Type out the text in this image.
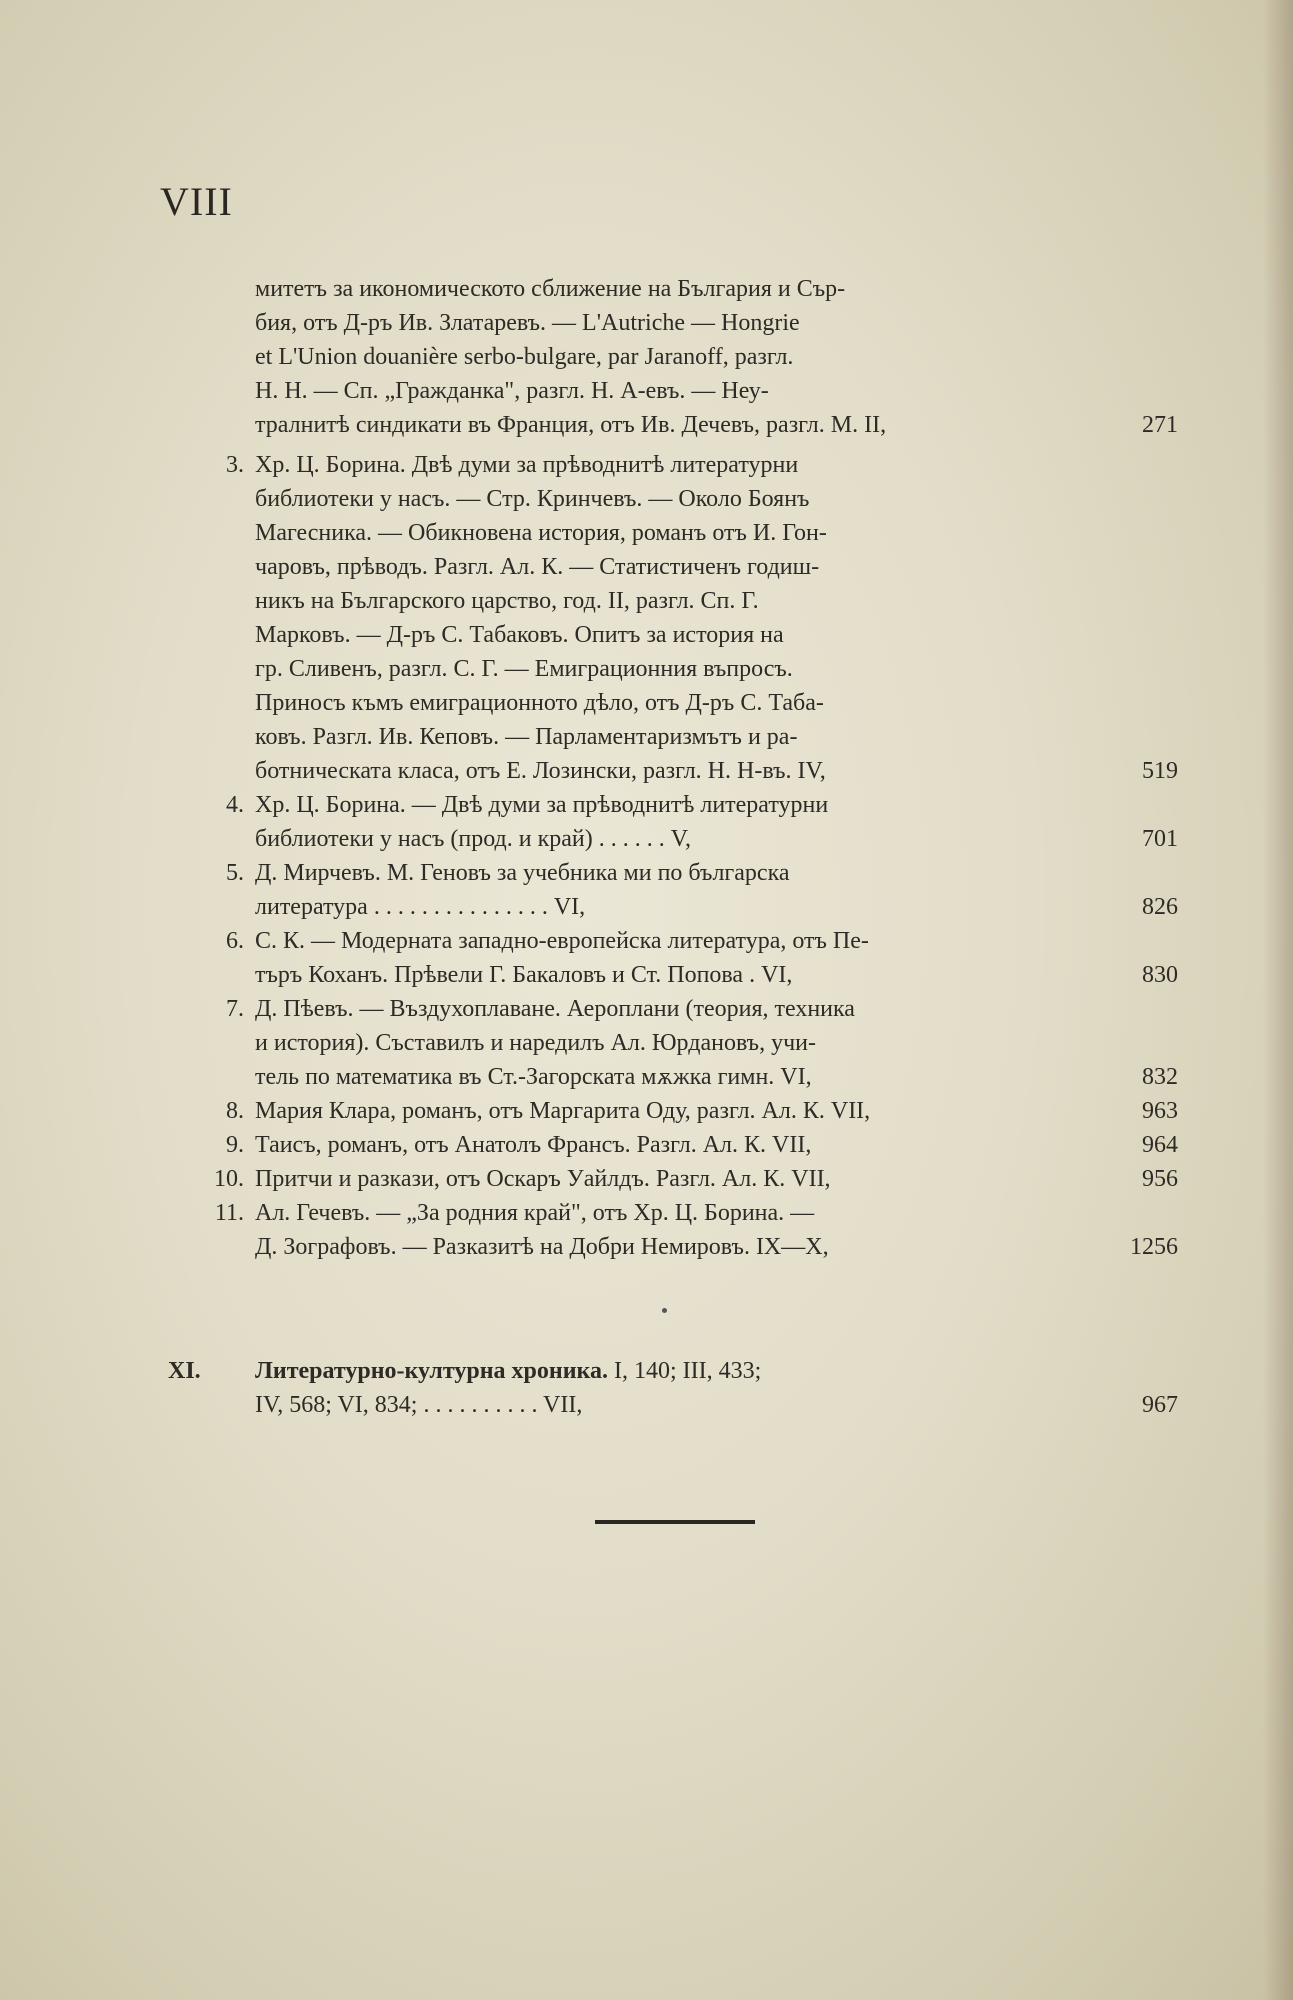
VIII
митетъ за икономическото сближение на България и Сър-
бия, отъ Д-ръ Ив. Златаревъ. — L'Autriche — Hongrie
et L'Union douanière serbo-bulgare, par Jaranoff, разгл.
Н. Н. — Сп. „Гражданка", разгл. Н. А-евъ. — Неу-
тралнитѣ синдикати въ Франция, отъ Ив. Дечевъ, разгл. М. II,	271
3. Хр. Ц. Борина. Двѣ думи за прѣводнитѣ литературни
библиотеки у насъ. — Стр. Кринчевъ. — Около Боянъ
Магесника. — Обикновена история, романъ отъ И. Гон-
чаровъ, прѣводъ. Разгл. Ал. К. — Статистиченъ годиш-
никъ на Българского царство, год. II, разгл. Сп. Г.
Марковъ. — Д-ръ С. Табаковъ. Опитъ за история на
гр. Сливенъ, разгл. С. Г. — Емиграционния въпросъ.
Приносъ къмъ емиграционното дѣло, отъ Д-ръ С. Таба-
ковъ. Разгл. Ив. Кеповъ. — Парламентаризмътъ и ра-
ботническата класа, отъ Е. Лозински, разгл. Н. Н-въ. IV,	519
4. Хр. Ц. Борина. — Двѣ думи за прѣводнитѣ литературни
библиотеки у насъ (прод. и край) . . . . . . V,	701
5. Д. Мирчевъ. М. Геновъ за учебника ми по българска
литература . . . . . . . . . . . . . . . VI,	826
6. С. К. — Модерната западно-европейска литература, отъ Пе-
търъ Коханъ. Прѣвели Г. Бакаловъ и Ст. Попова . VI,	830
7. Д. Пѣевъ. — Въздухоплаване. Аероплани (теория, техника
и история). Съставилъ и наредилъ Ал. Юрдановъ, учи-
тель по математика въ Ст.-Загорската мѫжка гимн. VI,	832
8. Мария Клара, романъ, отъ Маргарита Оду, разгл. Ал. К. VII,	963
9. Таисъ, романъ, отъ Анатолъ Франсъ. Разгл. Ал. К. VII,	964
10. Притчи и разкази, отъ Оскаръ Уайлдъ. Разгл. Ал. К. VII,	956
11. Ал. Гечевъ. — „За родния край", отъ Хр. Ц. Борина. —
Д. Зографовъ. — Разказитѣ на Добри Немировъ. IX—X,	1256
XI. Литературно-културна хроника. I, 140; III, 433;
IV, 568; VI, 834; . . . . . . . . . . VII,	967
